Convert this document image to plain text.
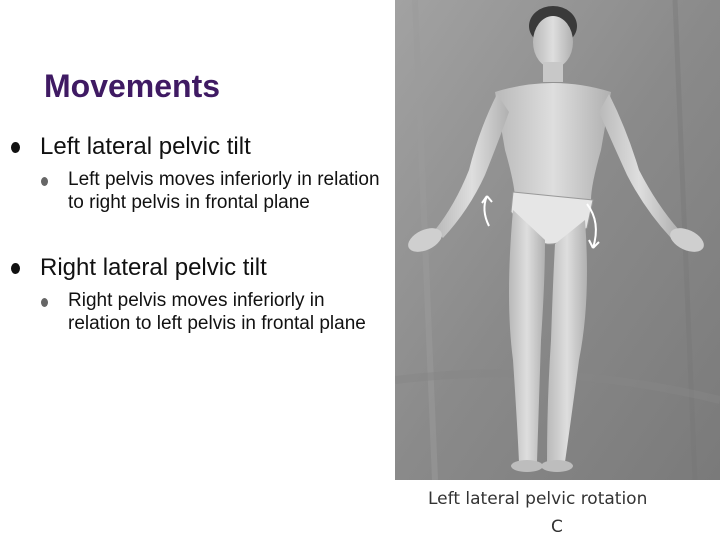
Movements
Left lateral pelvic tilt
Left pelvis moves inferiorly in relation to right pelvis in frontal plane
Right lateral pelvic tilt
Right pelvis moves inferiorly in relation to left pelvis in frontal plane
Left lateral pelvic rotation
C
